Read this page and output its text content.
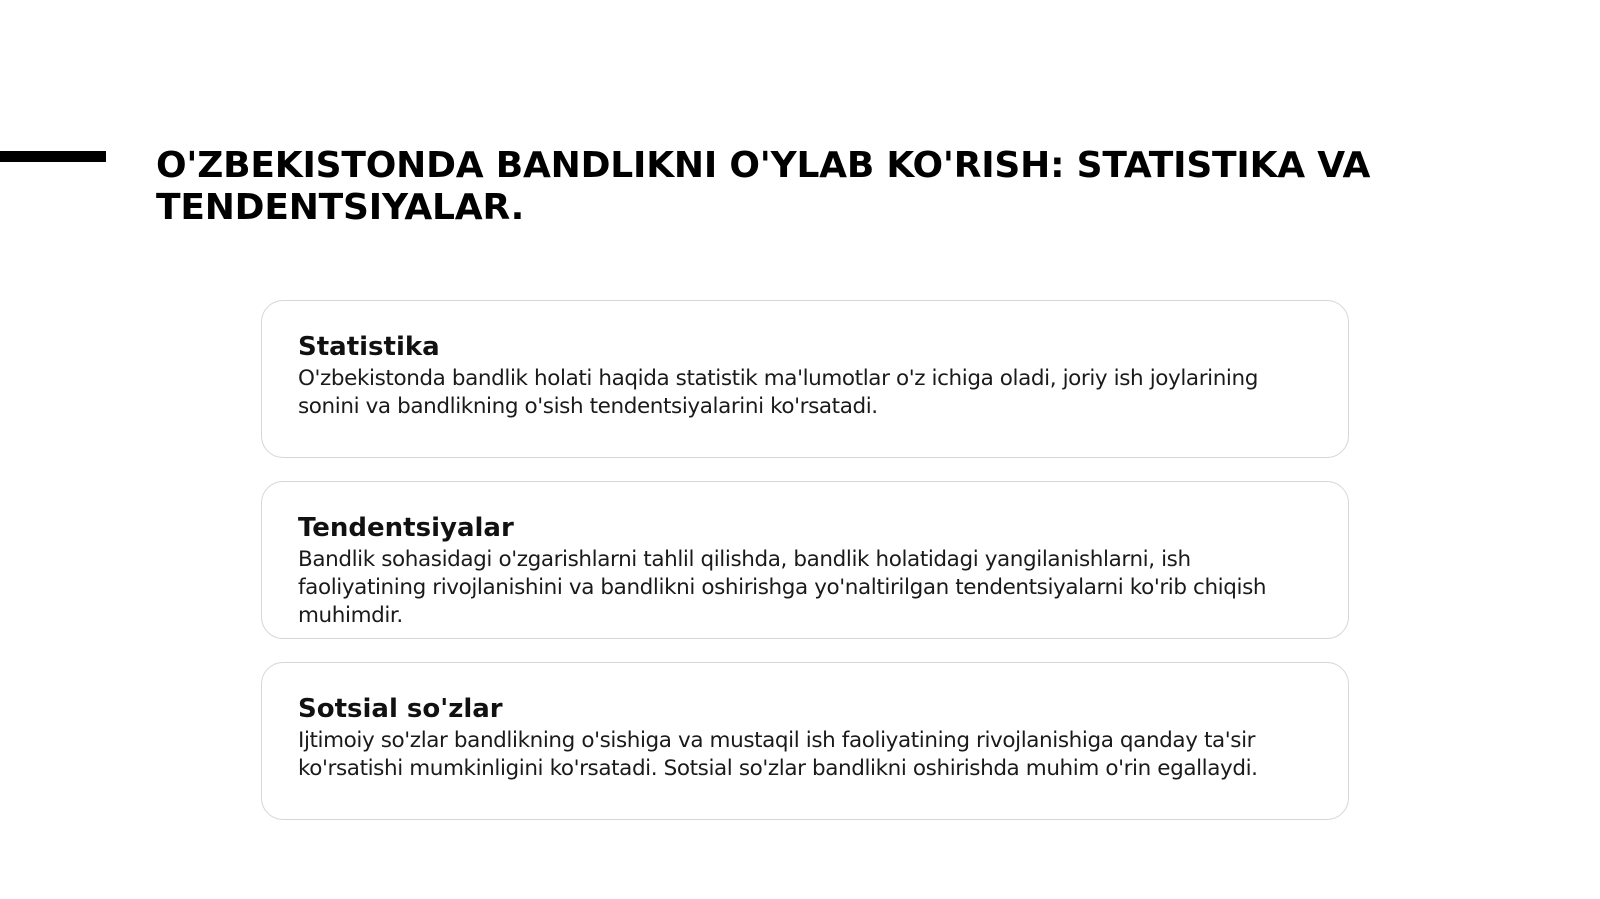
O'ZBEKISTONDA BANDLIKNI O'YLAB KO'RISH: STATISTIKA VA TENDENTSIYALAR.
Statistika

O'zbekistonda bandlik holati haqida statistik ma'lumotlar o'z ichiga oladi, joriy ish joylarining sonini va bandlikning o'sish tendentsiyalarini ko'rsatadi.

Tendentsiyalar

Bandlik sohasidagi o'zgarishlarni tahlil qilishda, bandlik holatidagi yangilanishlarni, ish faoliyatining rivojlanishini va bandlikni oshirishga yo'naltirilgan tendentsiyalarni ko'rib chiqish muhimdir.

Sotsial so'zlar

Ijtimoiy so'zlar bandlikning o'sishiga va mustaqil ish faoliyatining rivojlanishiga qanday ta'sir ko'rsatishi mumkinligini ko'rsatadi. Sotsial so'zlar bandlikni oshirishda muhim o'rin egallaydi.
